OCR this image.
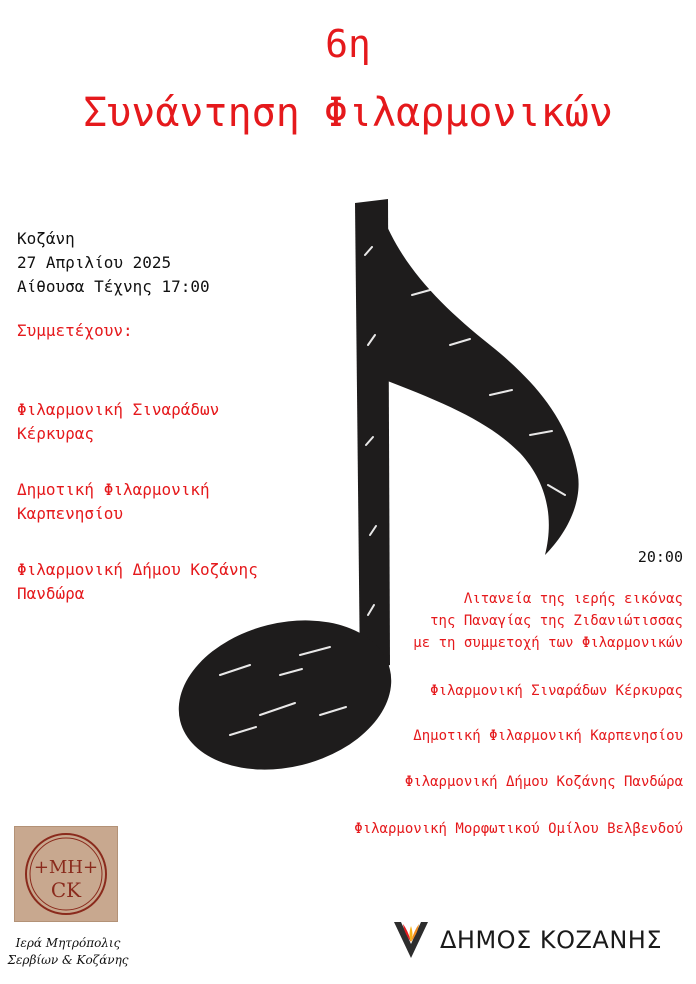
6η
Συνάντηση Φιλαρμονικών
Κοζάνη
27 Απριλίου 2025
Αίθουσα Τέχνης 17:00
Συμμετέχουν:
Φιλαρμονική Σιναράδων
Κέρκυρας
Δημοτική Φιλαρμονική
Καρπενησίου
Φιλαρμονική Δήμου Κοζάνης
Πανδώρα
20:00
Λιτανεία της ιερής εικόνας
της Παναγίας της Ζιδανιώτισσας
με τη συμμετοχή των Φιλαρμονικών
Φιλαρμονική Σιναράδων Κέρκυρας
Δημοτική Φιλαρμονική Καρπενησίου
Φιλαρμονική Δήμου Κοζάνης Πανδώρα
Φιλαρμονική Μορφωτικού Ομίλου Βελβενδού
+ΜΗ+
CK
Ιερά Μητρόπολις
Σερβίων & Κοζάνης
ΔΗΜΟΣ ΚΟΖΑΝΗΣ
